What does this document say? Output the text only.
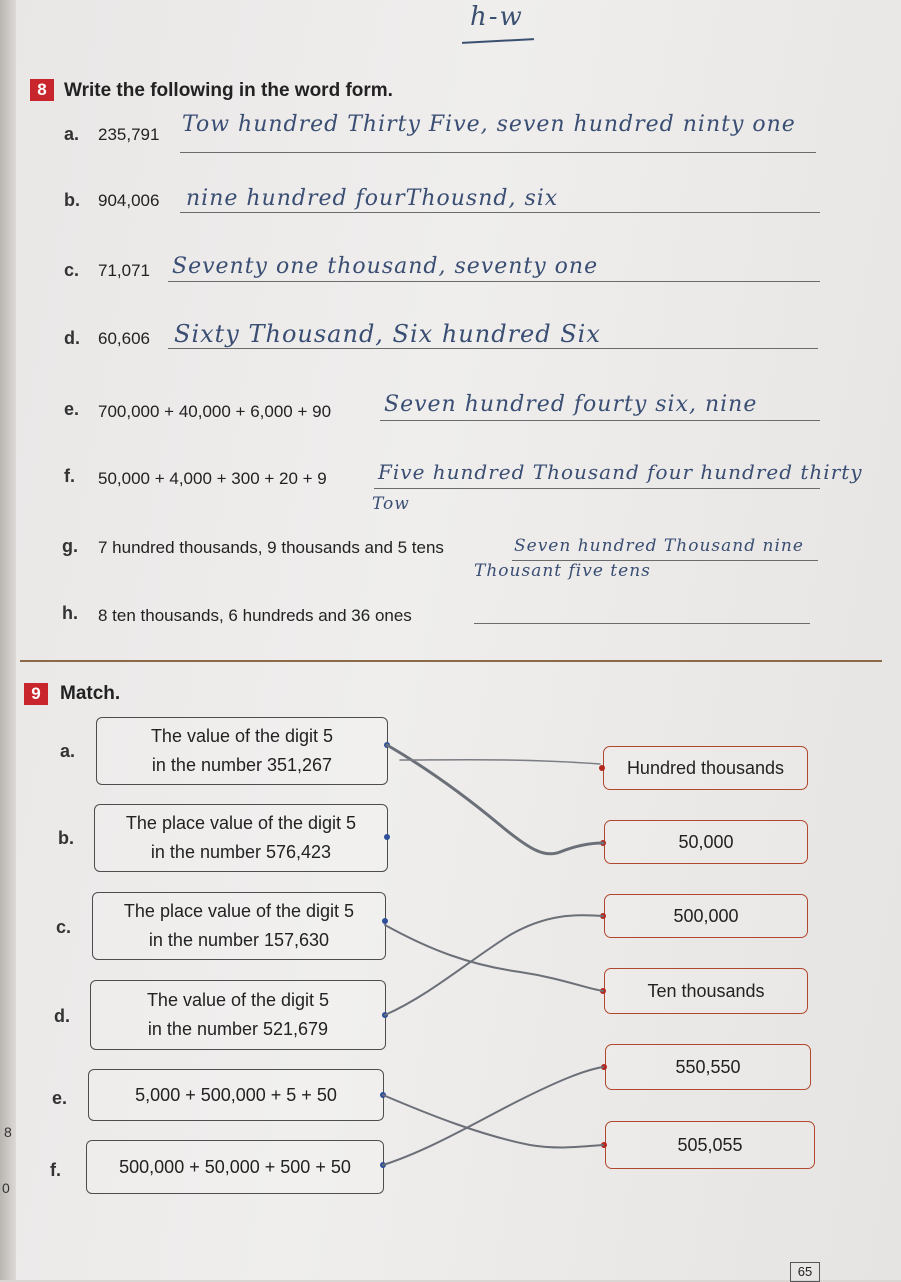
8
0
h-w
8 Write the following in the word form.
a. 235,791 Tow hundred Thirty Five, seven hundred ninty one
b. 904,006 nine hundred fourThousnd, six
c. 71,071 Seventy one thousand, seventy one
d. 60,606 Sixty Thousand, Six hundred Six
e. 700,000 + 40,000 + 6,000 + 90 Seven hundred fourty six, nine
f. 50,000 + 4,000 + 300 + 20 + 9	Five hundred Thousand four hundred thirty
Tow
g. 7 hundred thousands, 9 thousands and 5 tens	Seven hundred Thousand nine
Thousant five tens
h. 8 ten thousands, 6 hundreds and 36 ones
9	Match.
a.
The value of the digit 5
in the number 351,267
b.
The place value of the digit 5
in the number 576,423
c.
The place value of the digit 5
in the number 157,630
d.
The value of the digit 5
in the number 521,679
e.	5,000 + 500,000 + 5 + 50
f.	500,000 + 50,000 + 500 + 50
Hundred thousands
50,000
500,000
Ten thousands
550,550
505,055
65
